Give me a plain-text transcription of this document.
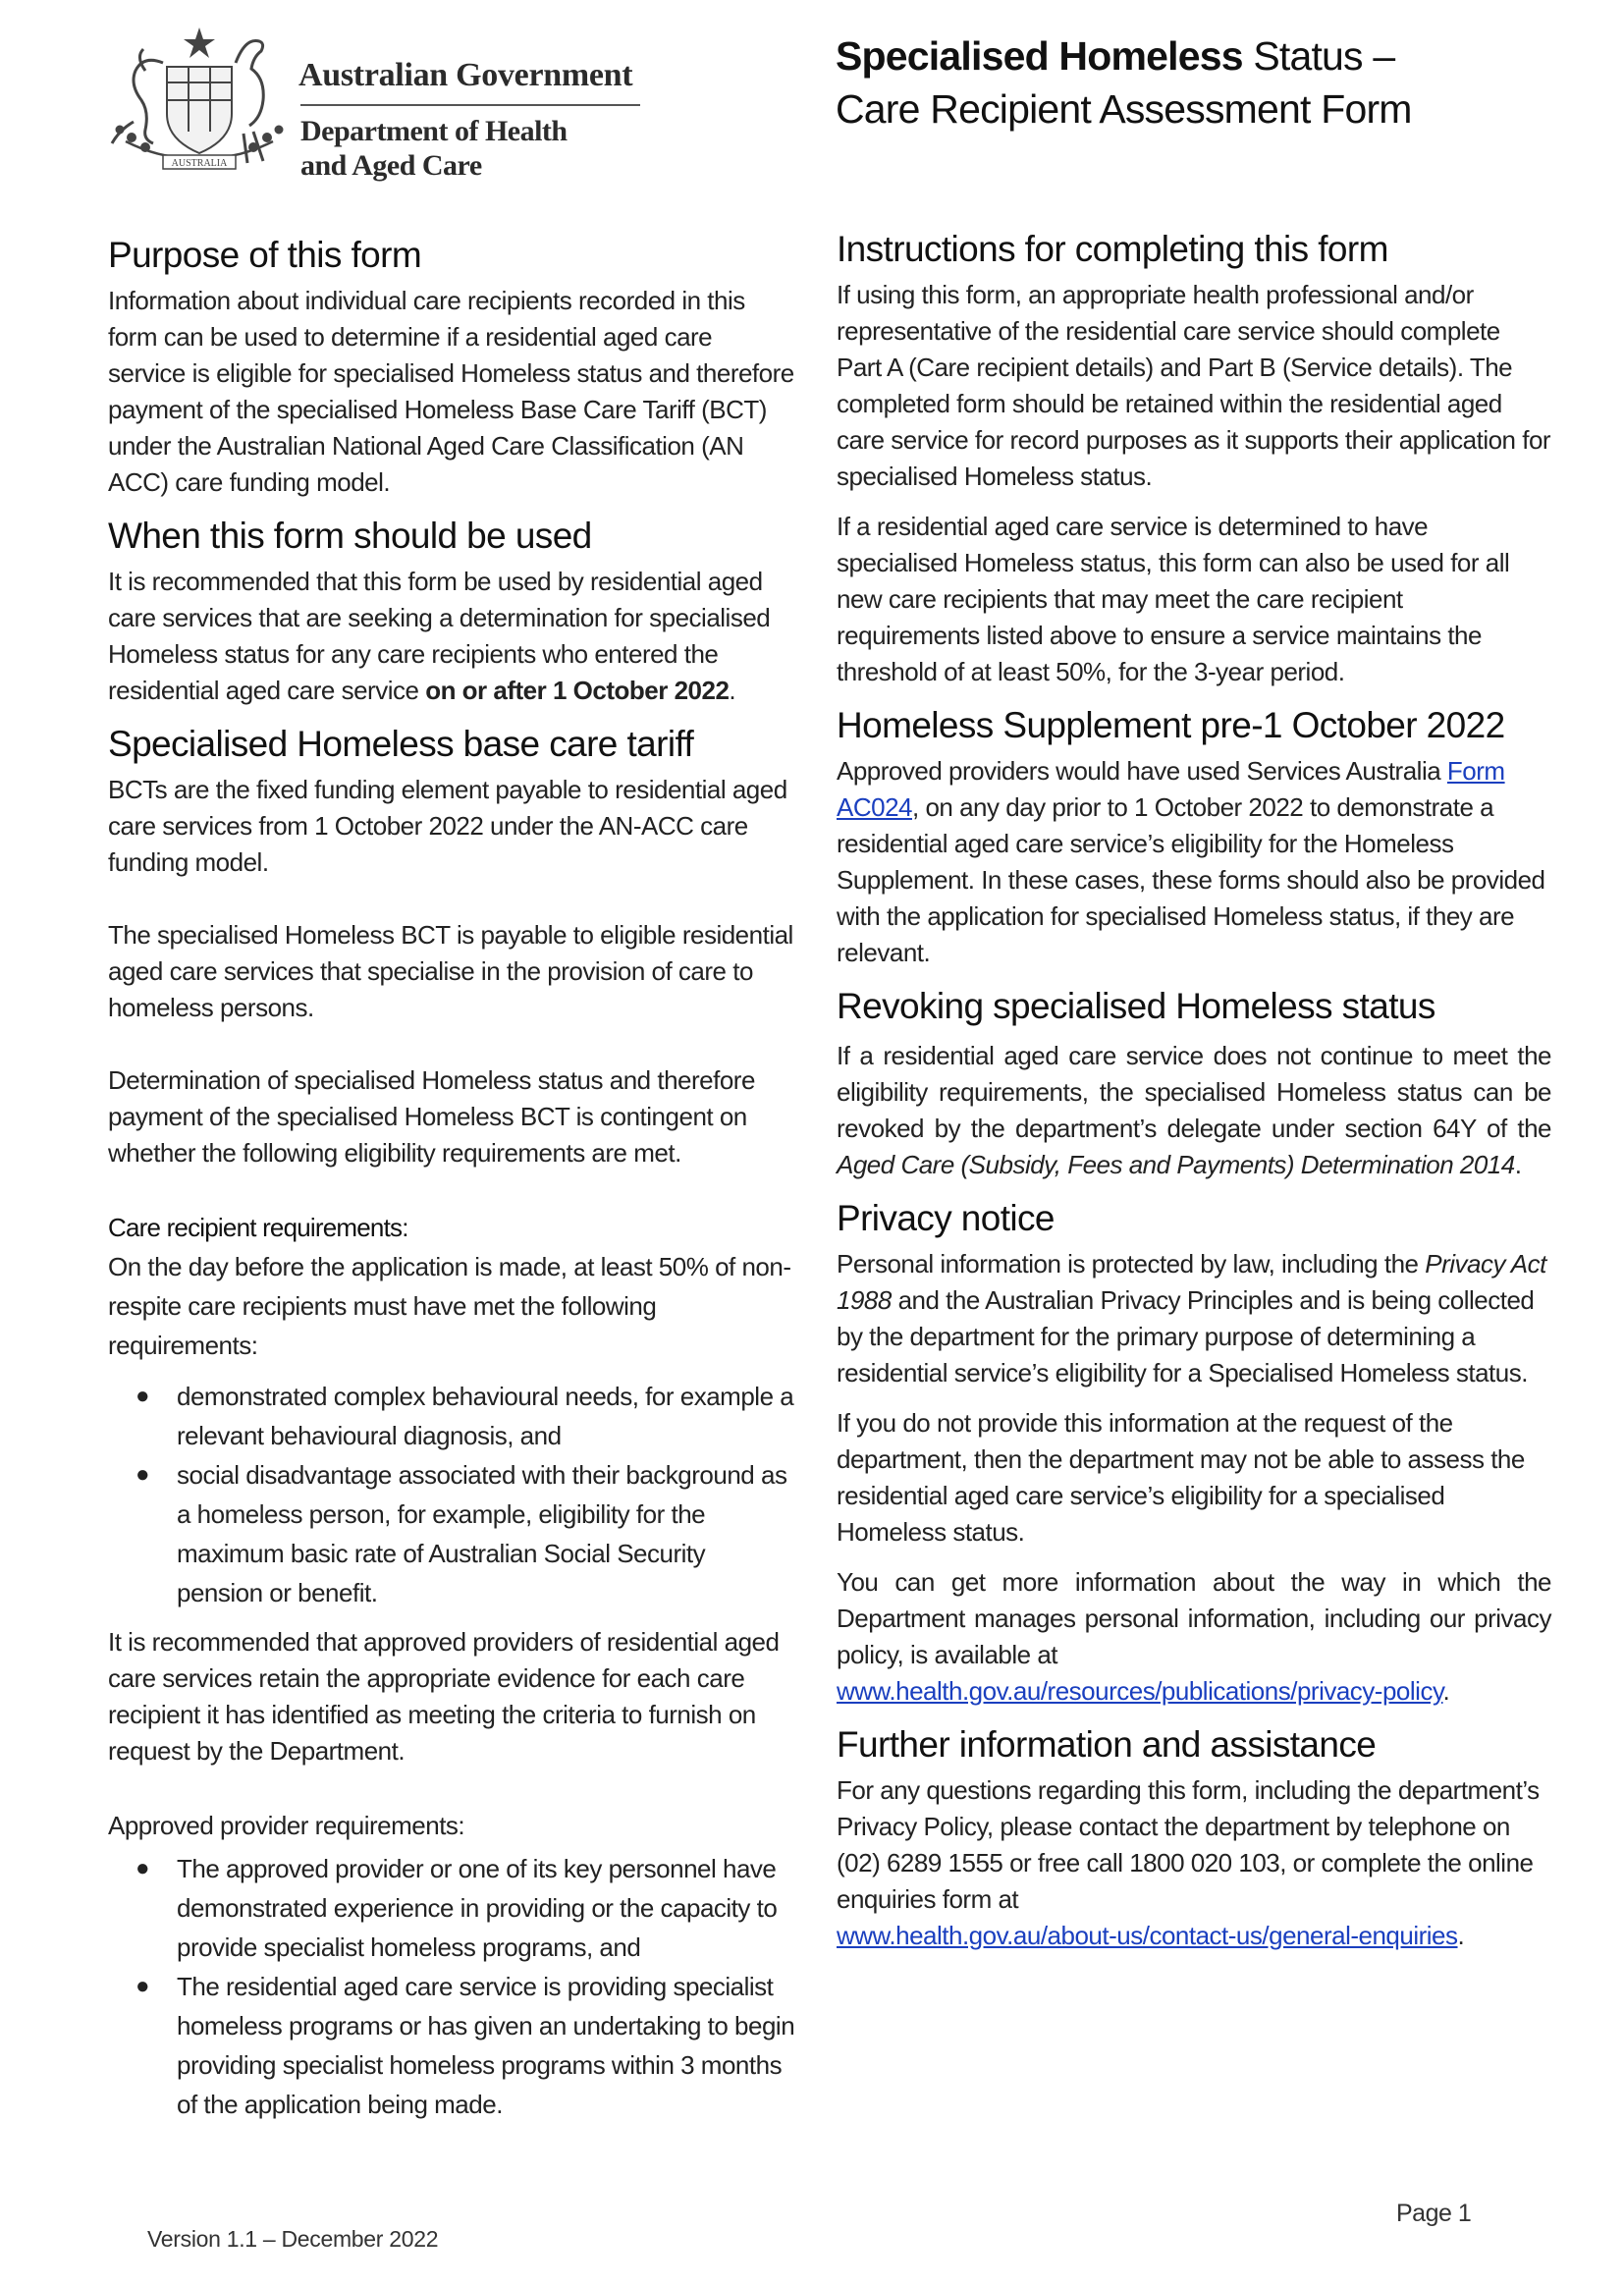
AUSTRALIA

Australian Government

Department of Health
and Aged Care

Specialised Homeless Status –
Care Recipient Assessment Form
Purpose of this form

Information about individual care recipients recorded in this form can be used to determine if a residential aged care service is eligible for specialised Homeless status and therefore payment of the specialised Homeless Base Care Tariff (BCT) under the Australian National Aged Care Classification (AN ACC) care funding model.

When this form should be used

It is recommended that this form be used by residential aged care services that are seeking a determination for specialised Homeless status for any care recipients who entered the residential aged care service on or after 1 October 2022.

Specialised Homeless base care tariff

BCTs are the fixed funding element payable to residential aged care services from 1 October 2022 under the AN-ACC care funding model.

The specialised Homeless BCT is payable to eligible residential aged care services that specialise in the provision of care to homeless persons.

Determination of specialised Homeless status and therefore payment of the specialised Homeless BCT is contingent on whether the following eligibility requirements are met.

Care recipient requirements:

On the day before the application is made, at least 50% of non-respite care recipients must have met the following requirements:

● demonstrated complex behavioural needs, for example a relevant behavioural diagnosis, and
● social disadvantage associated with their background as a homeless person, for example, eligibility for the maximum basic rate of Australian Social Security pension or benefit.

It is recommended that approved providers of residential aged care services retain the appropriate evidence for each care recipient it has identified as meeting the criteria to furnish on request by the Department.

Approved provider requirements:

● The approved provider or one of its key personnel have demonstrated experience in providing or the capacity to provide specialist homeless programs, and
● The residential aged care service is providing specialist homeless programs or has given an undertaking to begin providing specialist homeless programs within 3 months of the application being made.
Instructions for completing this form

If using this form, an appropriate health professional and/or representative of the residential care service should complete Part A (Care recipient details) and Part B (Service details). The completed form should be retained within the residential aged care service for record purposes as it supports their application for specialised Homeless status.

If a residential aged care service is determined to have specialised Homeless status, this form can also be used for all new care recipients that may meet the care recipient requirements listed above to ensure a service maintains the threshold of at least 50%, for the 3-year period.

Homeless Supplement pre-1 October 2022

Approved providers would have used Services Australia Form AC024, on any day prior to 1 October 2022 to demonstrate a residential aged care service’s eligibility for the Homeless Supplement. In these cases, these forms should also be provided with the application for specialised Homeless status, if they are relevant.

Revoking specialised Homeless status

If a residential aged care service does not continue to meet the eligibility requirements, the specialised Homeless status can be revoked by the department’s delegate under section 64Y of the Aged Care (Subsidy, Fees and Payments) Determination 2014.

Privacy notice

Personal information is protected by law, including the Privacy Act 1988 and the Australian Privacy Principles and is being collected by the department for the primary purpose of determining a residential service’s eligibility for a Specialised Homeless status.

If you do not provide this information at the request of the department, then the department may not be able to assess the residential aged care service’s eligibility for a specialised Homeless status.

You can get more information about the way in which the Department manages personal information, including our privacy policy, is available at
www.health.gov.au/resources/publications/privacy-policy.

Further information and assistance

For any questions regarding this form, including the department’s Privacy Policy, please contact the department by telephone on (02) 6289 1555 or free call 1800 020 103, or complete the online enquiries form at
www.health.gov.au/about-us/contact-us/general-enquiries.

Page 1

Version 1.1 – December 2022
